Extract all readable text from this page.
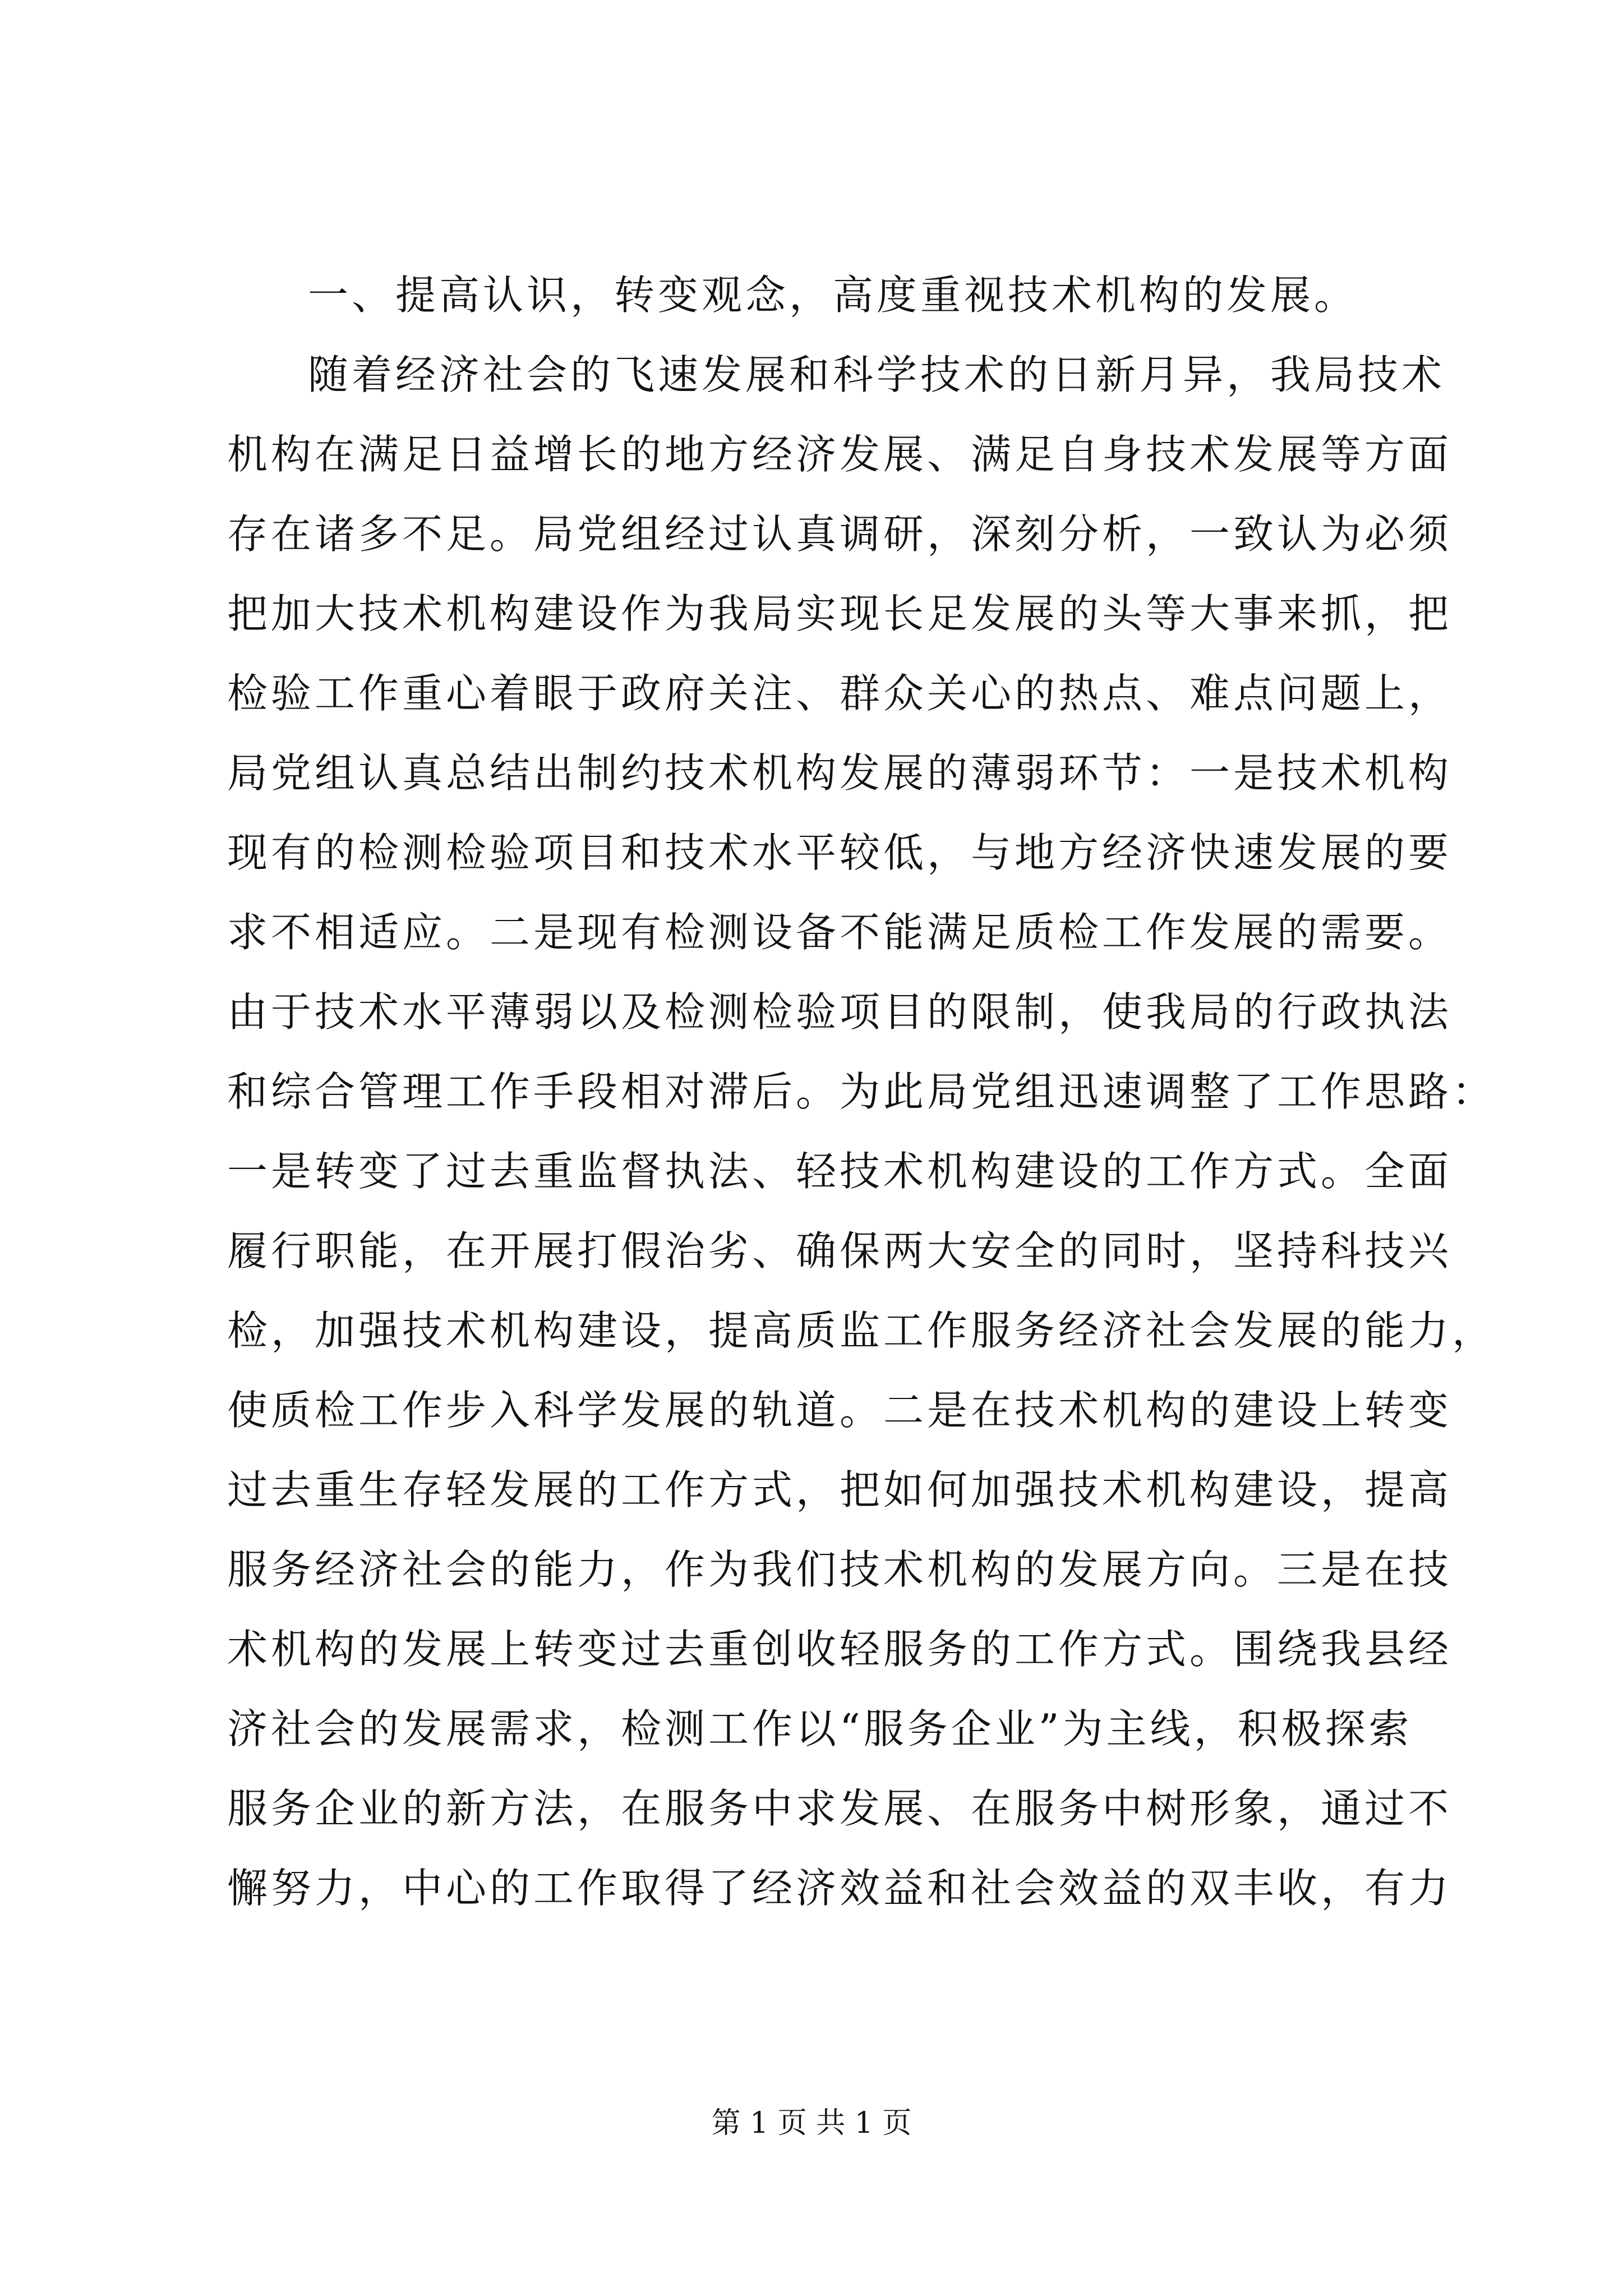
一、提高认识，转变观念，高度重视技术机构的发展。

随着经济社会的飞速发展和科学技术的日新月异，我局技术
机构在满足日益增长的地方经济发展、满足自身技术发展等方面
存在诸多不足。局党组经过认真调研，深刻分析，一致认为必须
把加大技术机构建设作为我局实现长足发展的头等大事来抓，把
检验工作重心着眼于政府关注、群众关心的热点、难点问题上，
局党组认真总结出制约技术机构发展的薄弱环节：一是技术机构
现有的检测检验项目和技术水平较低，与地方经济快速发展的要
求不相适应。二是现有检测设备不能满足质检工作发展的需要。
由于技术水平薄弱以及检测检验项目的限制，使我局的行政执法
和综合管理工作手段相对滞后。为此局党组迅速调整了工作思路：
一是转变了过去重监督执法、轻技术机构建设的工作方式。全面
履行职能，在开展打假治劣、确保两大安全的同时，坚持科技兴
检，加强技术机构建设，提高质监工作服务经济社会发展的能力，
使质检工作步入科学发展的轨道。二是在技术机构的建设上转变
过去重生存轻发展的工作方式，把如何加强技术机构建设，提高
服务经济社会的能力，作为我们技术机构的发展方向。三是在技
术机构的发展上转变过去重创收轻服务的工作方式。围绕我县经
济社会的发展需求，检测工作以“服务企业”为主线，积极探索
服务企业的新方法，在服务中求发展、在服务中树形象，通过不
懈努力，中心的工作取得了经济效益和社会效益的双丰收，有力
第 1 页 共 1 页
